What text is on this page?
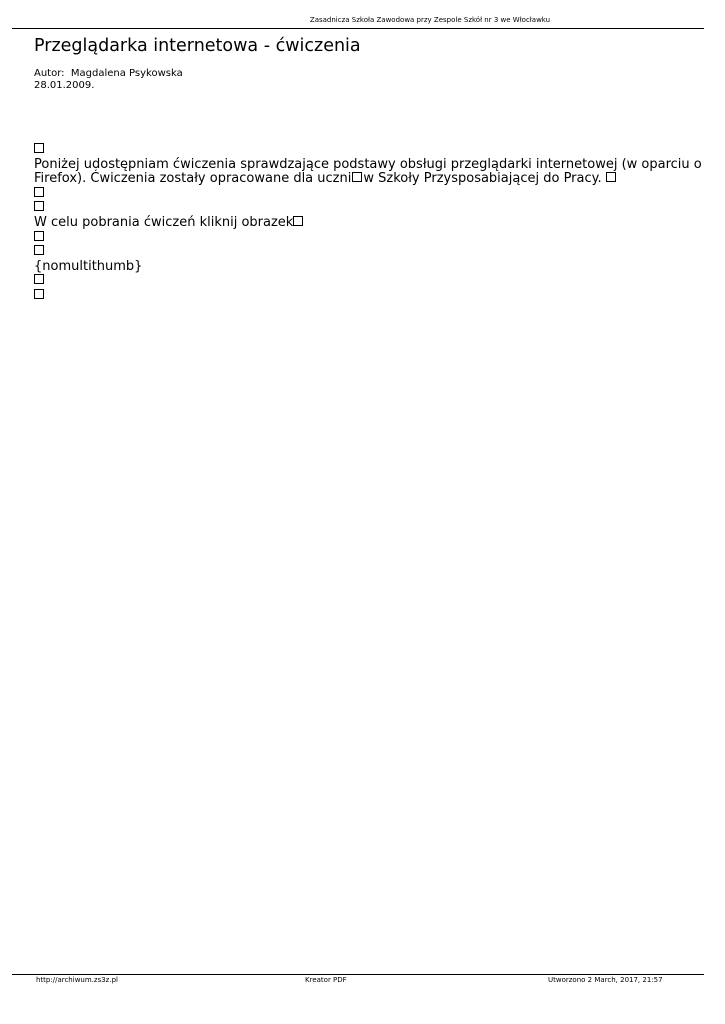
Zasadnicza Szkoła Zawodowa przy Zespole Szkół nr 3 we Włocławku
Przeglądarka internetowa - ćwiczenia
Autor:  Magdalena Psykowska
28.01.2009.
Poniżej udostępniam ćwiczenia sprawdzające podstawy obsługi przeglądarki internetowej (w oparciu o
Firefox). Ćwiczenia zostały opracowane dla uczni w Szkoły Przysposabiającej do Pracy.
W celu pobrania ćwiczeń kliknij obrazek
{nomultithumb}
http://archiwum.zs3z.pl	Kreator PDF	Utworzono 2 March, 2017, 21:57
